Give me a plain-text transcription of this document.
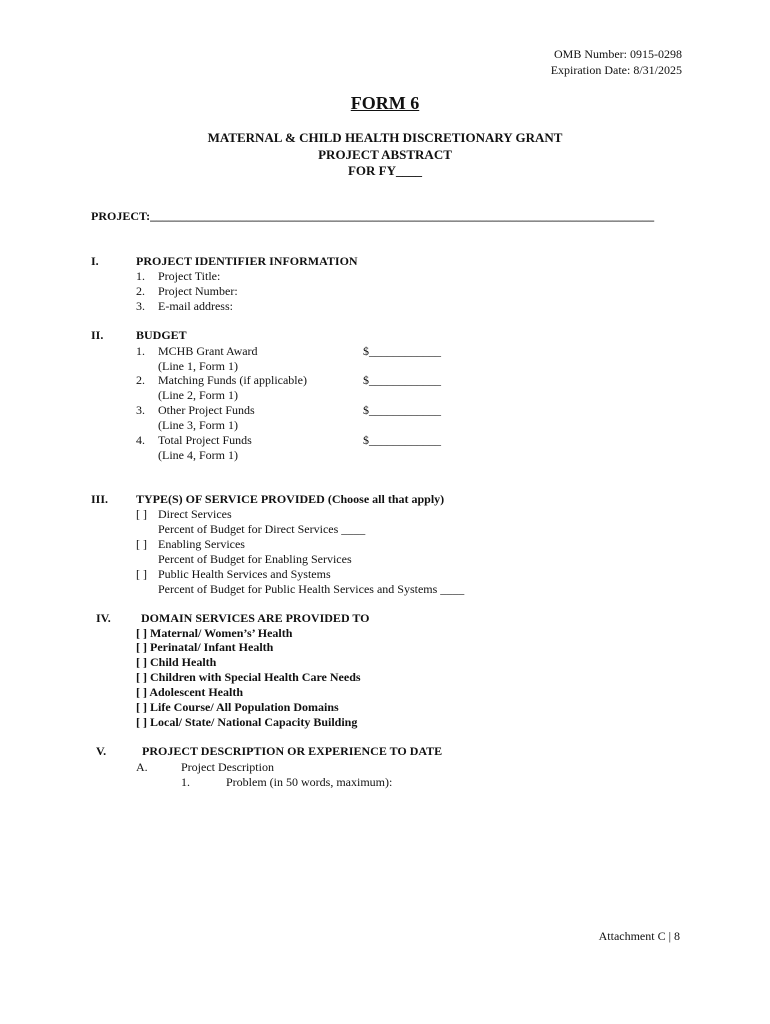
OMB Number: 0915-0298
Expiration Date: 8/31/2025
FORM 6
MATERNAL & CHILD HEALTH DISCRETIONARY GRANT
PROJECT ABSTRACT
FOR FY____
PROJECT:____________________________________________________________________________________
I.	PROJECT IDENTIFIER INFORMATION
1. Project Title:
2. Project Number:
3. E-mail address:
II.	BUDGET
1. MCHB Grant Award	$____________
(Line 1, Form 1)
2. Matching Funds (if applicable)	$____________
(Line 2, Form 1)
3. Other Project Funds	$____________
(Line 3, Form 1)
4. Total Project Funds	$____________
(Line 4, Form 1)
III. TYPE(S) OF SERVICE PROVIDED (Choose all that apply)
[ ] Direct Services
Percent of Budget for Direct Services ____
[ ] Enabling Services
Percent of Budget for Enabling Services
[ ] Public Health Services and Systems
Percent of Budget for Public Health Services and Systems ____
IV.	DOMAIN SERVICES ARE PROVIDED TO
[ ] Maternal/ Women’s’ Health
[ ] Perinatal/ Infant Health
[ ] Child Health
[ ] Children with Special Health Care Needs
[ ] Adolescent Health
[ ] Life Course/ All Population Domains
[ ] Local/ State/ National Capacity Building
V.	PROJECT DESCRIPTION OR EXPERIENCE TO DATE
A.	Project Description
1.	Problem (in 50 words, maximum):
Attachment C | 8
